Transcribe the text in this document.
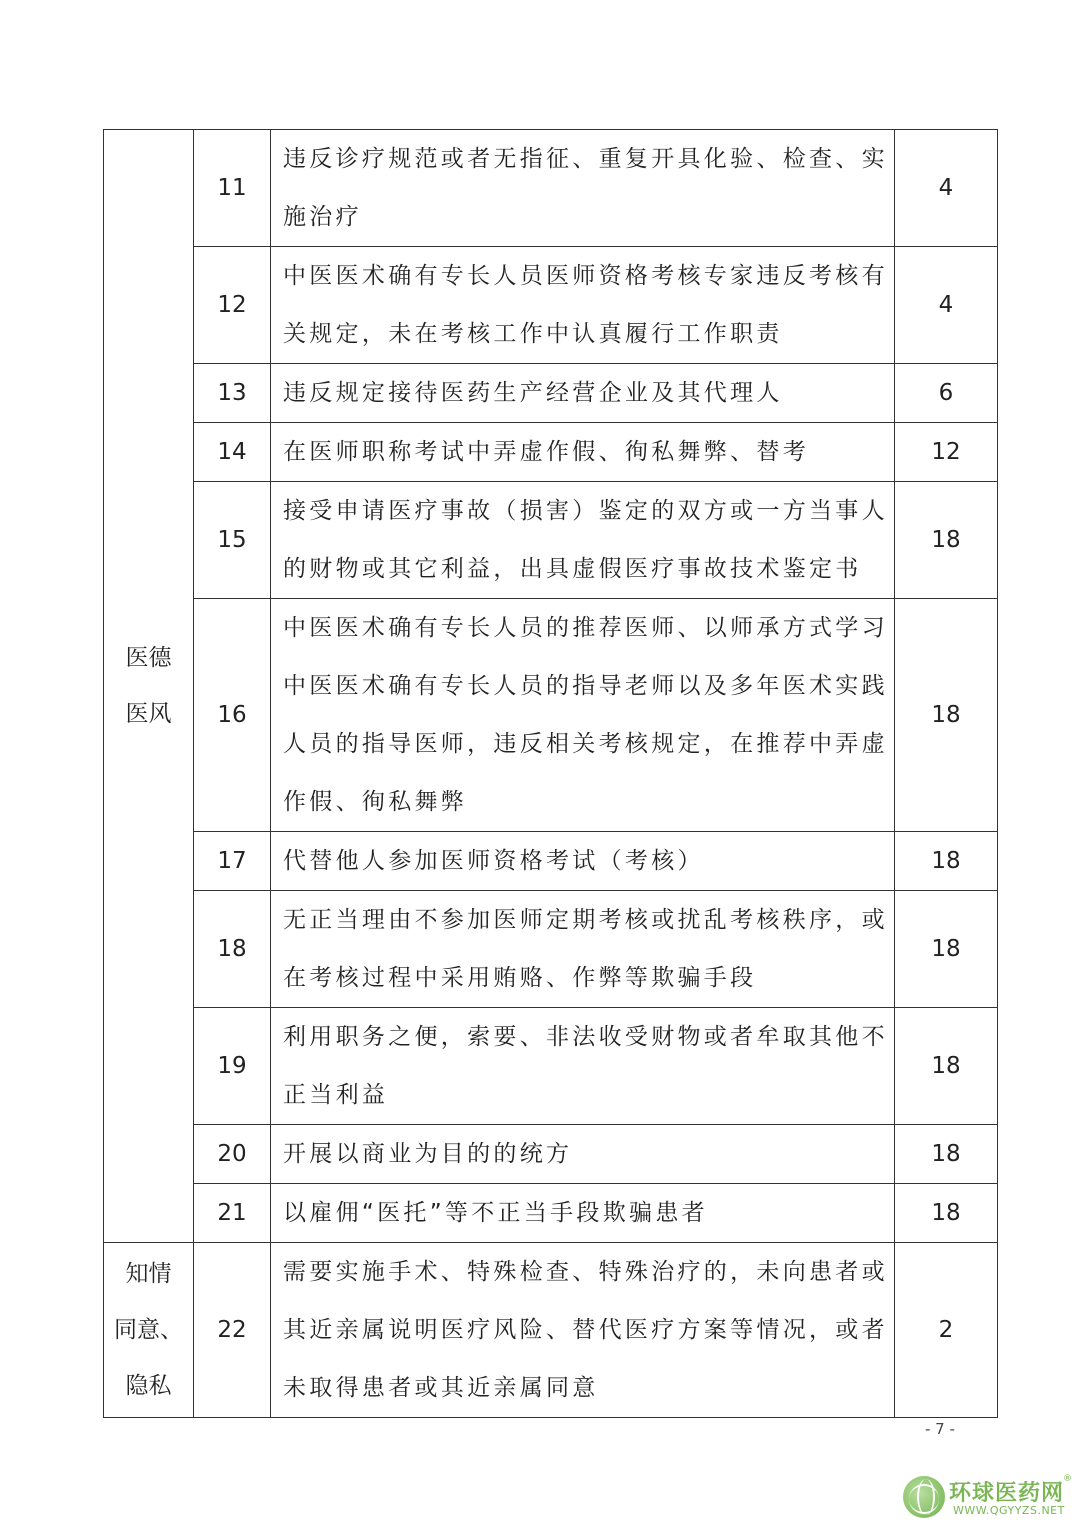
医德
医风	11	违反诊疗规范或者无指征、重复开具化验、检查、实施治疗	4
	12	中医医术确有专长人员医师资格考核专家违反考核有关规定，未在考核工作中认真履行工作职责	4
	13	违反规定接待医药生产经营企业及其代理人	6
	14	在医师职称考试中弄虚作假、徇私舞弊、替考	12
	15	接受申请医疗事故（损害）鉴定的双方或一方当事人的财物或其它利益，出具虚假医疗事故技术鉴定书	18
	16	中医医术确有专长人员的推荐医师、以师承方式学习中医医术确有专长人员的指导老师以及多年医术实践人员的指导医师，违反相关考核规定，在推荐中弄虚作假、徇私舞弊	18
	17	代替他人参加医师资格考试（考核）	18
	18	无正当理由不参加医师定期考核或扰乱考核秩序，或在考核过程中采用贿赂、作弊等欺骗手段	18
	19	利用职务之便，索要、非法收受财物或者牟取其他不正当利益	18
	20	开展以商业为目的的统方	18
	21	以雇佣“医托”等不正当手段欺骗患者	18

知情
同意、
隐私	22	需要实施手术、特殊检查、特殊治疗的，未向患者或其近亲属说明医疗风险、替代医疗方案等情况，或者未取得患者或其近亲属同意	2
- 7 -
环球医药网
®
WWW.QGYYZS.NET
